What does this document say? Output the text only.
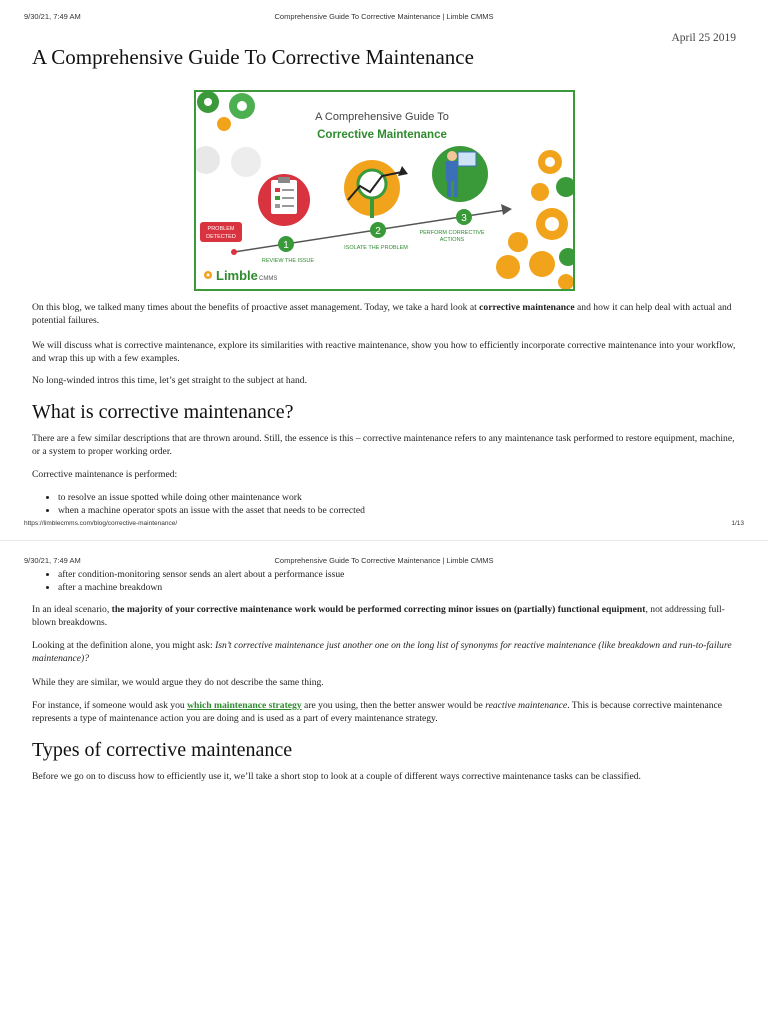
9/30/21, 7:49 AM	Comprehensive Guide To Corrective Maintenance | Limble CMMS
April 25 2019
A Comprehensive Guide To Corrective Maintenance
A Comprehensive Guide To
Corrective Maintenance
PROBLEM
DETECTED
1
REVIEW THE ISSUE
2
ISOLATE THE PROBLEM
3
PERFORM CORRECTIVE
ACTIONS
Limble CMMS

On this blog, we talked many times about the benefits of proactive asset management. Today, we take a hard look at corrective maintenance and how it can help deal with actual and potential failures.

We will discuss what is corrective maintenance, explore its similarities with reactive maintenance, show you how to efficiently incorporate corrective maintenance into your workflow, and wrap this up with a few examples.

No long-winded intros this time, let’s get straight to the subject at hand.

What is corrective maintenance?

There are a few similar descriptions that are thrown around. Still, the essence is this – corrective maintenance refers to any maintenance task performed to restore equipment, machine, or a system to proper working order.

Corrective maintenance is performed:

• to resolve an issue spotted while doing other maintenance work
• when a machine operator spots an issue with the asset that needs to be corrected
https://limblecmms.com/blog/corrective-maintenance/	1/13
9/30/21, 7:49 AM	Comprehensive Guide To Corrective Maintenance | Limble CMMS
• after condition-monitoring sensor sends an alert about a performance issue
• after a machine breakdown

In an ideal scenario, the majority of your corrective maintenance work would be performed correcting minor issues on (partially) functional equipment, not addressing full-blown breakdowns.

Looking at the definition alone, you might ask: Isn’t corrective maintenance just another one on the long list of synonyms for reactive maintenance (like breakdown and run-to-failure maintenance)?

While they are similar, we would argue they do not describe the same thing.

For instance, if someone would ask you which maintenance strategy are you using, then the better answer would be reactive maintenance. This is because corrective maintenance represents a type of maintenance action you are doing and is used as a part of every maintenance strategy.

Types of corrective maintenance

Before we go on to discuss how to efficiently use it, we’ll take a short stop to look at a couple of different ways corrective maintenance tasks can be classified.
